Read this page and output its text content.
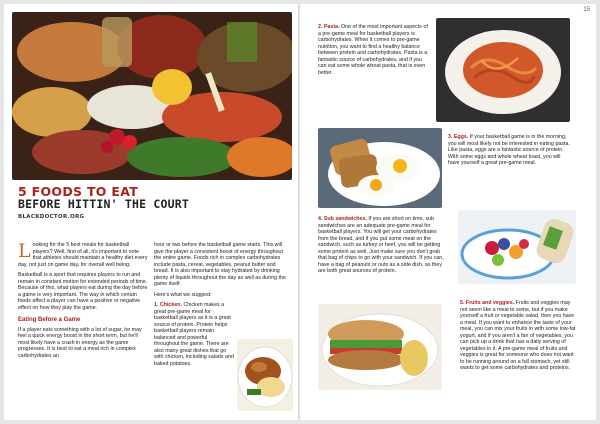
5 FOODS TO EAT
BEFORE HITTIN' THE COURT
BLACKDOCTOR.ORG

Looking for the 5 best meals for basketball players? Well, first of all, it's important to note that athletes should maintain a healthy diet every day, not just on game day, for overall well being.

Basketball is a sport that requires players to run and remain in constant motion for extended periods of time. Because of this, what players eat during the day before a game is very important. The way in which certain foods affect a player can have a positive or negative effect on how they play the game.

Eating Before a Game

If a player eats something with a lot of sugar, he may feel a quick energy boost in the short term, but he'll most likely have a crash in energy as the game progresses. It is best to eat a meal rich in complex carbohydrates an

hour or two before the basketball game starts. This will give the player a consistent boost of energy throughout the entire game. Foods rich in complex carbohydrates include pasta, cereal, vegetables, peanut butter and bread. It is also important to stay hydrated by drinking plenty of liquids throughout the day as well as during the game itself.

Here's what we suggest:

1. Chicken. Chicken makes a great pre-game meal for basketball players as it is a great source of protein. Protein helps basketball players remain balanced and powerful throughout the game. There are also many great dishes that go with chicken, including salads and baked potatoes.

15

2. Pasta. One of the most important aspects of a pre-game meal for basketball players is carbohydrates. When it comes to pre-game nutrition, you want to find a healthy balance between protein and carbohydrates. Pasta is a fantastic source of carbohydrates, and if you can eat some whole wheat pasta, that is even better.

3. Eggs. If your basketball game is in the morning, you will most likely not be interested in eating pasta. Like pasta, eggs are a fantastic source of protein. With some eggs and whole wheat toast, you will have yourself a great pre-game meal.

4. Sub sandwiches. If you are short on time, sub sandwiches are an adequate pre-game meal for basketball players. You will get your carbohydrates from the bread, and if you put some meat on the sandwich, such as turkey or beef, you will be getting some protein as well. Just make sure you don't grab that bag of chips to go with your sandwich. If you can, have a bag of peanuts or nuts as a side dish, as they are both great sources of protein.

5. Fruits and veggies. Fruits and veggies may not seem like a meal to some, but if you make yourself a fruit or vegetable salad, then you have a meal. If you want to enhance the taste of your meal, you can mix your fruits in with some low-fat yogurt, and if you aren't a fan of vegetables, you can pick up a drink that has a daily serving of vegetables in it. A pre-game meal of fruits and veggies is great for someone who does not want to be running around on a full stomach, yet still wants to get some carbohydrates and proteins.
